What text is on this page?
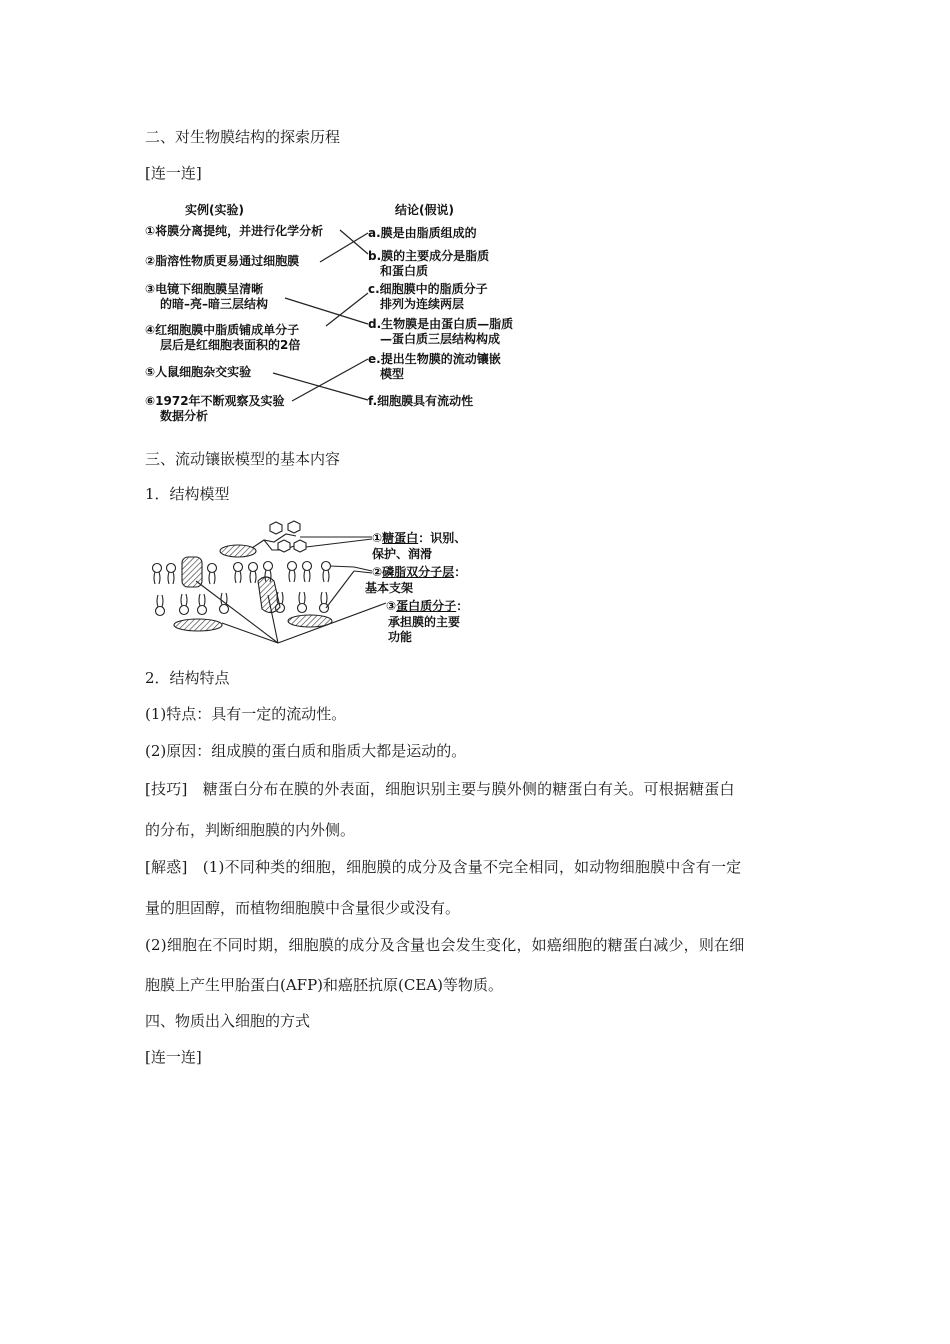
二、对生物膜结构的探索历程
[连一连]
实例(实验)	结论(假说)
①将膜分离提纯，并进行化学分析
②脂溶性物质更易通过细胞膜
③电镜下细胞膜呈清晰
的暗–亮–暗三层结构
④红细胞膜中脂质铺成单分子
层后是红细胞表面积的2倍
⑤人鼠细胞杂交实验
⑥1972年不断观察及实验
数据分析
a.膜是由脂质组成的
b.膜的主要成分是脂质
和蛋白质
c.细胞膜中的脂质分子
排列为连续两层
d.生物膜是由蛋白质—脂质
—蛋白质三层结构构成
e.提出生物膜的流动镶嵌
模型
f.细胞膜具有流动性
三、流动镶嵌模型的基本内容
1．结构模型
①糖蛋白：识别、
保护、润滑
②磷脂双分子层：
基本支架
③蛋白质分子：
承担膜的主要
功能
2．结构特点
(1)特点：具有一定的流动性。
(2)原因：组成膜的蛋白质和脂质大都是运动的。
[技巧]　糖蛋白分布在膜的外表面，细胞识别主要与膜外侧的糖蛋白有关。可根据糖蛋白
的分布，判断细胞膜的内外侧。
[解惑]　(1)不同种类的细胞，细胞膜的成分及含量不完全相同，如动物细胞膜中含有一定
量的胆固醇，而植物细胞膜中含量很少或没有。
(2)细胞在不同时期，细胞膜的成分及含量也会发生变化，如癌细胞的糖蛋白减少，则在细
胞膜上产生甲胎蛋白(AFP)和癌胚抗原(CEA)等物质。
四、物质出入细胞的方式
[连一连]
